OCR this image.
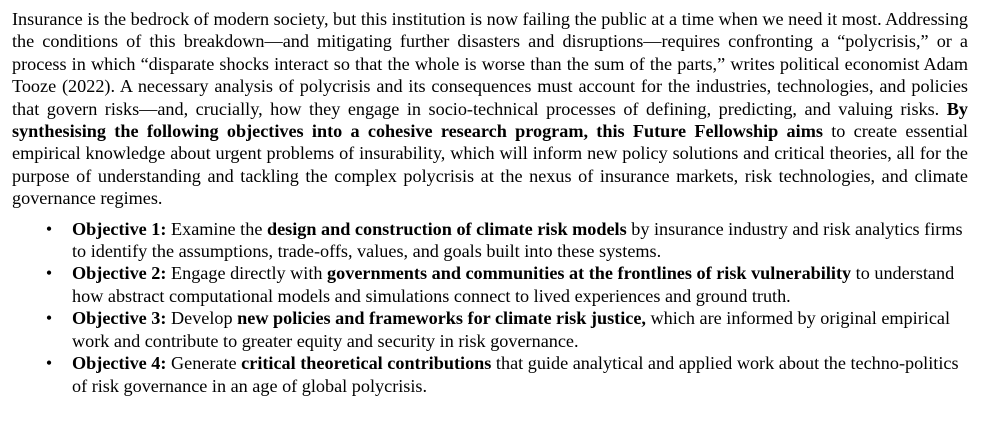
Insurance is the bedrock of modern society, but this institution is now failing the public at a time when we need it most. Addressing the conditions of this breakdown—and mitigating further disasters and disruptions—requires confronting a “polycrisis,” or a process in which “disparate shocks interact so that the whole is worse than the sum of the parts,” writes political economist Adam Tooze (2022). A necessary analysis of polycrisis and its consequences must account for the industries, technologies, and policies that govern risks—and, crucially, how they engage in socio-technical processes of defining, predicting, and valuing risks. By synthesising the following objectives into a cohesive research program, this Future Fellowship aims to create essential empirical knowledge about urgent problems of insurability, which will inform new policy solutions and critical theories, all for the purpose of understanding and tackling the complex polycrisis at the nexus of insurance markets, risk technologies, and climate governance regimes.

•	Objective 1: Examine the design and construction of climate risk models by insurance industry and risk analytics firms to identify the assumptions, trade-offs, values, and goals built into these systems.
•	Objective 2: Engage directly with governments and communities at the frontlines of risk vulnerability to understand how abstract computational models and simulations connect to lived experiences and ground truth.
•	Objective 3: Develop new policies and frameworks for climate risk justice, which are informed by original empirical work and contribute to greater equity and security in risk governance.
•	Objective 4: Generate critical theoretical contributions that guide analytical and applied work about the techno-politics of risk governance in an age of global polycrisis.
